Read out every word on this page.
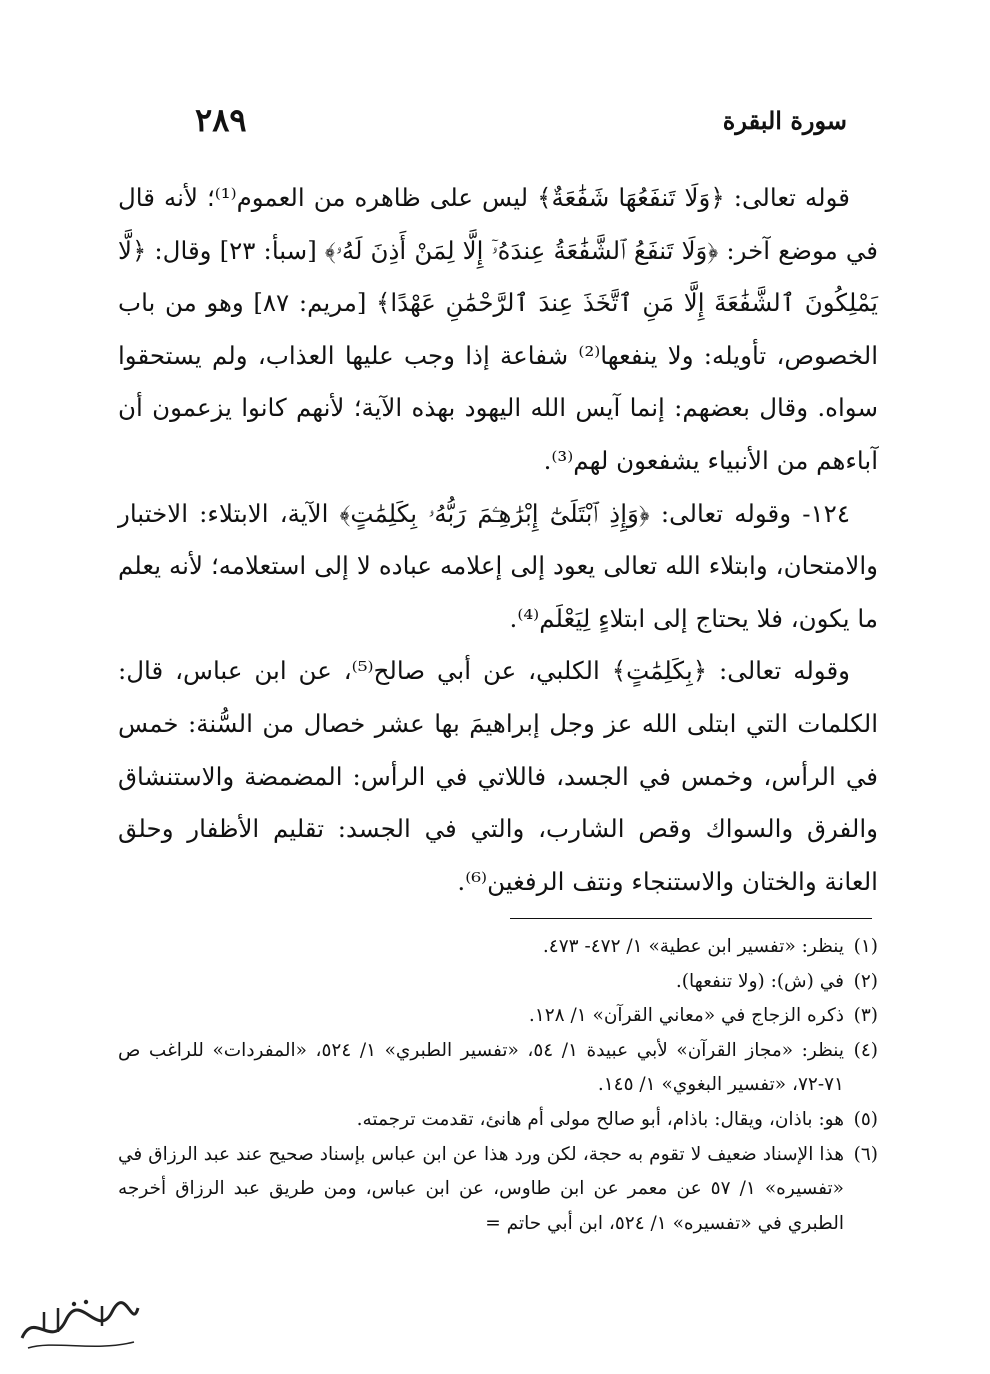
سورة البقرة
٢٨٩

قوله تعالى: ﴿وَلَا تَنفَعُهَا شَفَٰعَةٌ﴾ ليس على ظاهره من العموم⁽¹⁾؛ لأنه قال في موضع آخر: ﴿وَلَا تَنفَعُ ٱلشَّفَٰعَةُ عِندَهُۥٓ إِلَّا لِمَنْ أَذِنَ لَهُۥ﴾ [سبأ: ٢٣] وقال: ﴿لَّا يَمْلِكُونَ ٱلشَّفَٰعَةَ إِلَّا مَنِ ٱتَّخَذَ عِندَ ٱلرَّحْمَٰنِ عَهْدًا﴾ [مريم: ٨٧] وهو من باب الخصوص، تأويله: ولا ينفعها⁽²⁾ شفاعة إذا وجب عليها العذاب، ولم يستحقوا سواه. وقال بعضهم: إنما آيس الله اليهود بهذه الآية؛ لأنهم كانوا يزعمون أن آباءهم من الأنبياء يشفعون لهم⁽³⁾.

١٢٤- وقوله تعالى: ﴿وَإِذِ ٱبْتَلَىٰٓ إِبْرَٰهِـۧمَ رَبُّهُۥ بِكَلِمَٰتٍ﴾ الآية، الابتلاء: الاختبار والامتحان، وابتلاء الله تعالى يعود إلى إعلامه عباده لا إلى استعلامه؛ لأنه يعلم ما يكون، فلا يحتاج إلى ابتلاءٍ لِيَعْلَم⁽⁴⁾.

وقوله تعالى: ﴿بِكَلِمَٰتٍ﴾ الكلبي، عن أبي صالح⁽⁵⁾، عن ابن عباس، قال: الكلمات التي ابتلى الله عز وجل إبراهيمَ بها عشر خصال من السُّنة: خمس في الرأس، وخمس في الجسد، فاللاتي في الرأس: المضمضة والاستنشاق والفرق والسواك وقص الشارب، والتي في الجسد: تقليم الأظفار وحلق العانة والختان والاستنجاء ونتف الرفغين⁽⁶⁾.

(١)
ينظر: «تفسير ابن عطية» ١/ ٤٧٢- ٤٧٣.
(٢)
في (ش): (ولا تنفعها).
(٣)
ذكره الزجاج في «معاني القرآن» ١/ ١٢٨.
(٤)
ينظر: «مجاز القرآن» لأبي عبيدة ١/ ٥٤، «تفسير الطبري» ١/ ٥٢٤، «المفردات» للراغب ص ٧١-٧٢، «تفسير البغوي» ١/ ١٤٥.
(٥)
هو: باذان، ويقال: باذام، أبو صالح مولى أم هانئ، تقدمت ترجمته.
(٦)
هذا الإسناد ضعيف لا تقوم به حجة، لكن ورد هذا عن ابن عباس بإسناد صحيح عند عبد الرزاق في «تفسيره» ١/ ٥٧ عن معمر عن ابن طاوس، عن ابن عباس، ومن طريق عبد الرزاق أخرجه الطبري في «تفسيره» ١/ ٥٢٤، ابن أبي حاتم =
